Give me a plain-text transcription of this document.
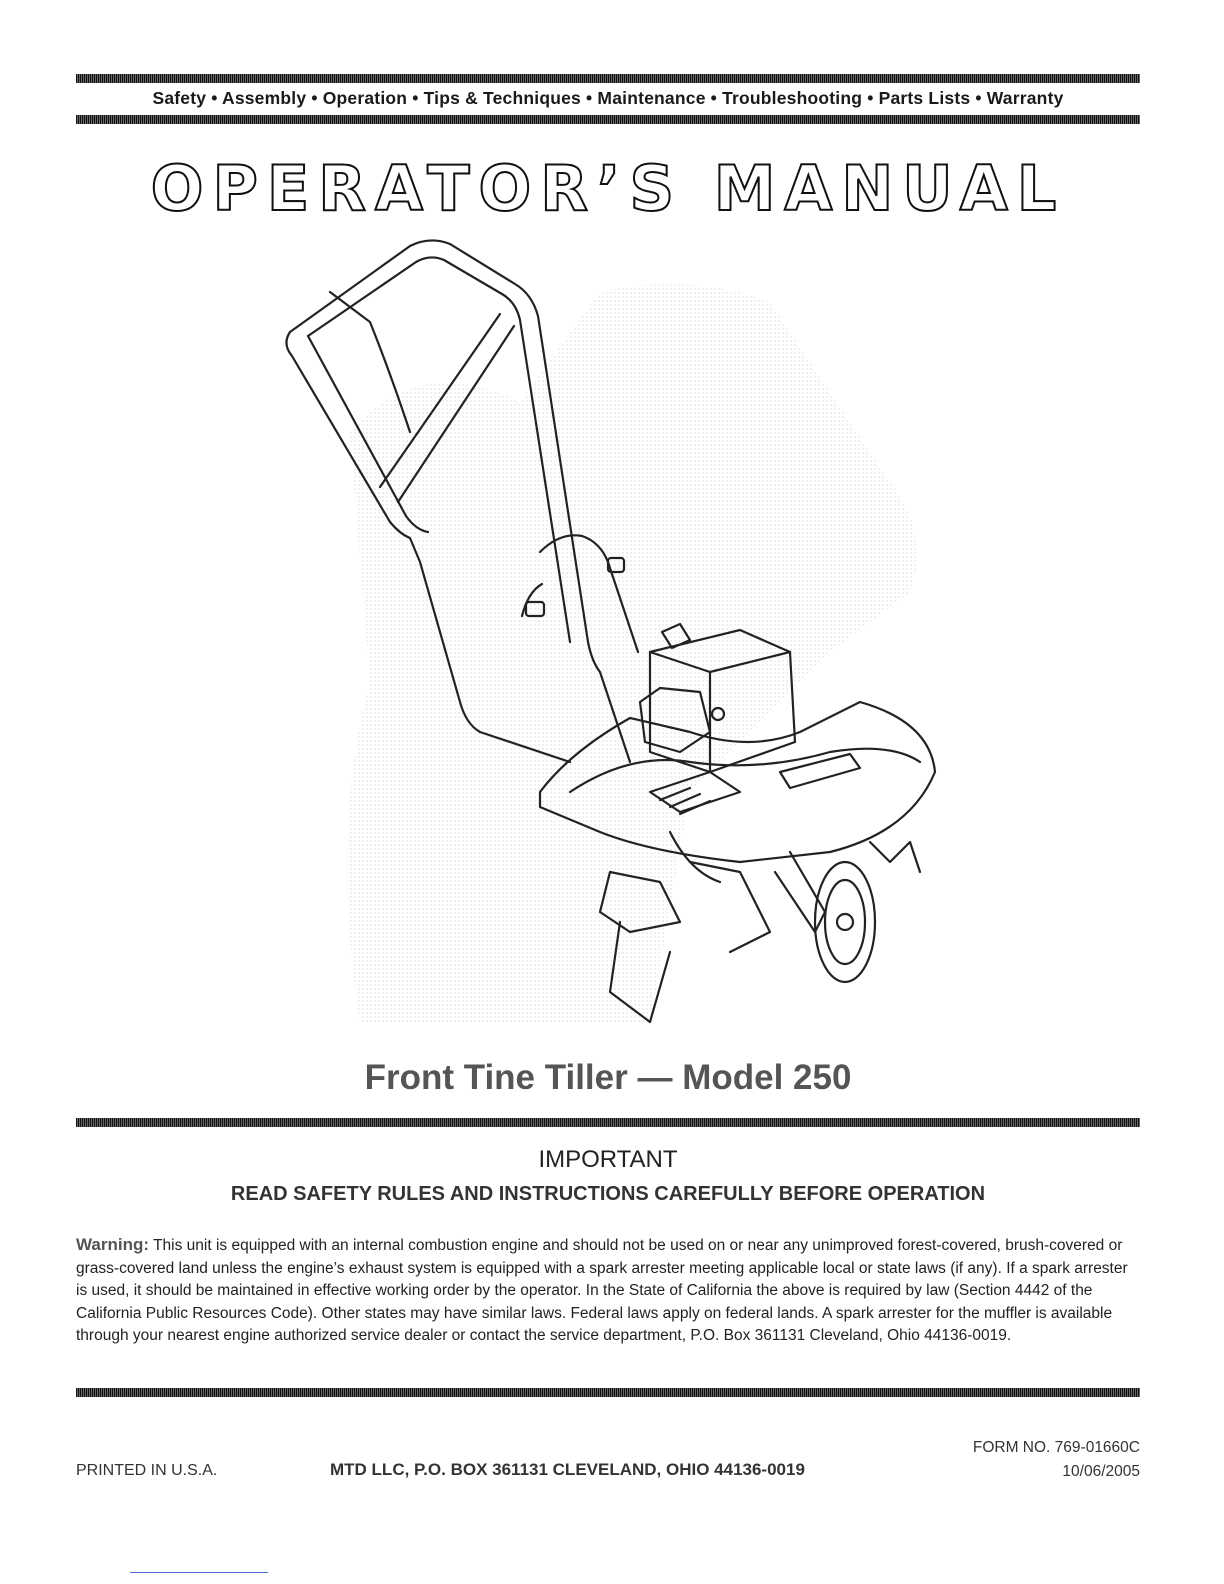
Safety • Assembly • Operation • Tips & Techniques • Maintenance • Troubleshooting • Parts Lists • Warranty
OPERATOR’S MANUAL
Front Tine Tiller — Model 250
IMPORTANT
READ SAFETY RULES AND INSTRUCTIONS CAREFULLY BEFORE OPERATION
Warning: This unit is equipped with an internal combustion engine and should not be used on or near any unimproved forest-covered, brush-covered or grass-covered land unless the engine’s exhaust system is equipped with a spark arrester meeting applicable local or state laws (if any). If a spark arrester is used, it should be maintained in effective working order by the operator. In the State of California the above is required by law (Section 4442 of the California Public Resources Code). Other states may have similar laws. Federal laws apply on federal lands. A spark arrester for the muffler is available through your nearest engine authorized service dealer or contact the service department, P.O. Box 361131 Cleveland, Ohio 44136-0019.
PRINTED IN U.S.A.	MTD LLC, P.O. BOX 361131 CLEVELAND, OHIO 44136-0019
FORM NO. 769-01660C
10/06/2005
